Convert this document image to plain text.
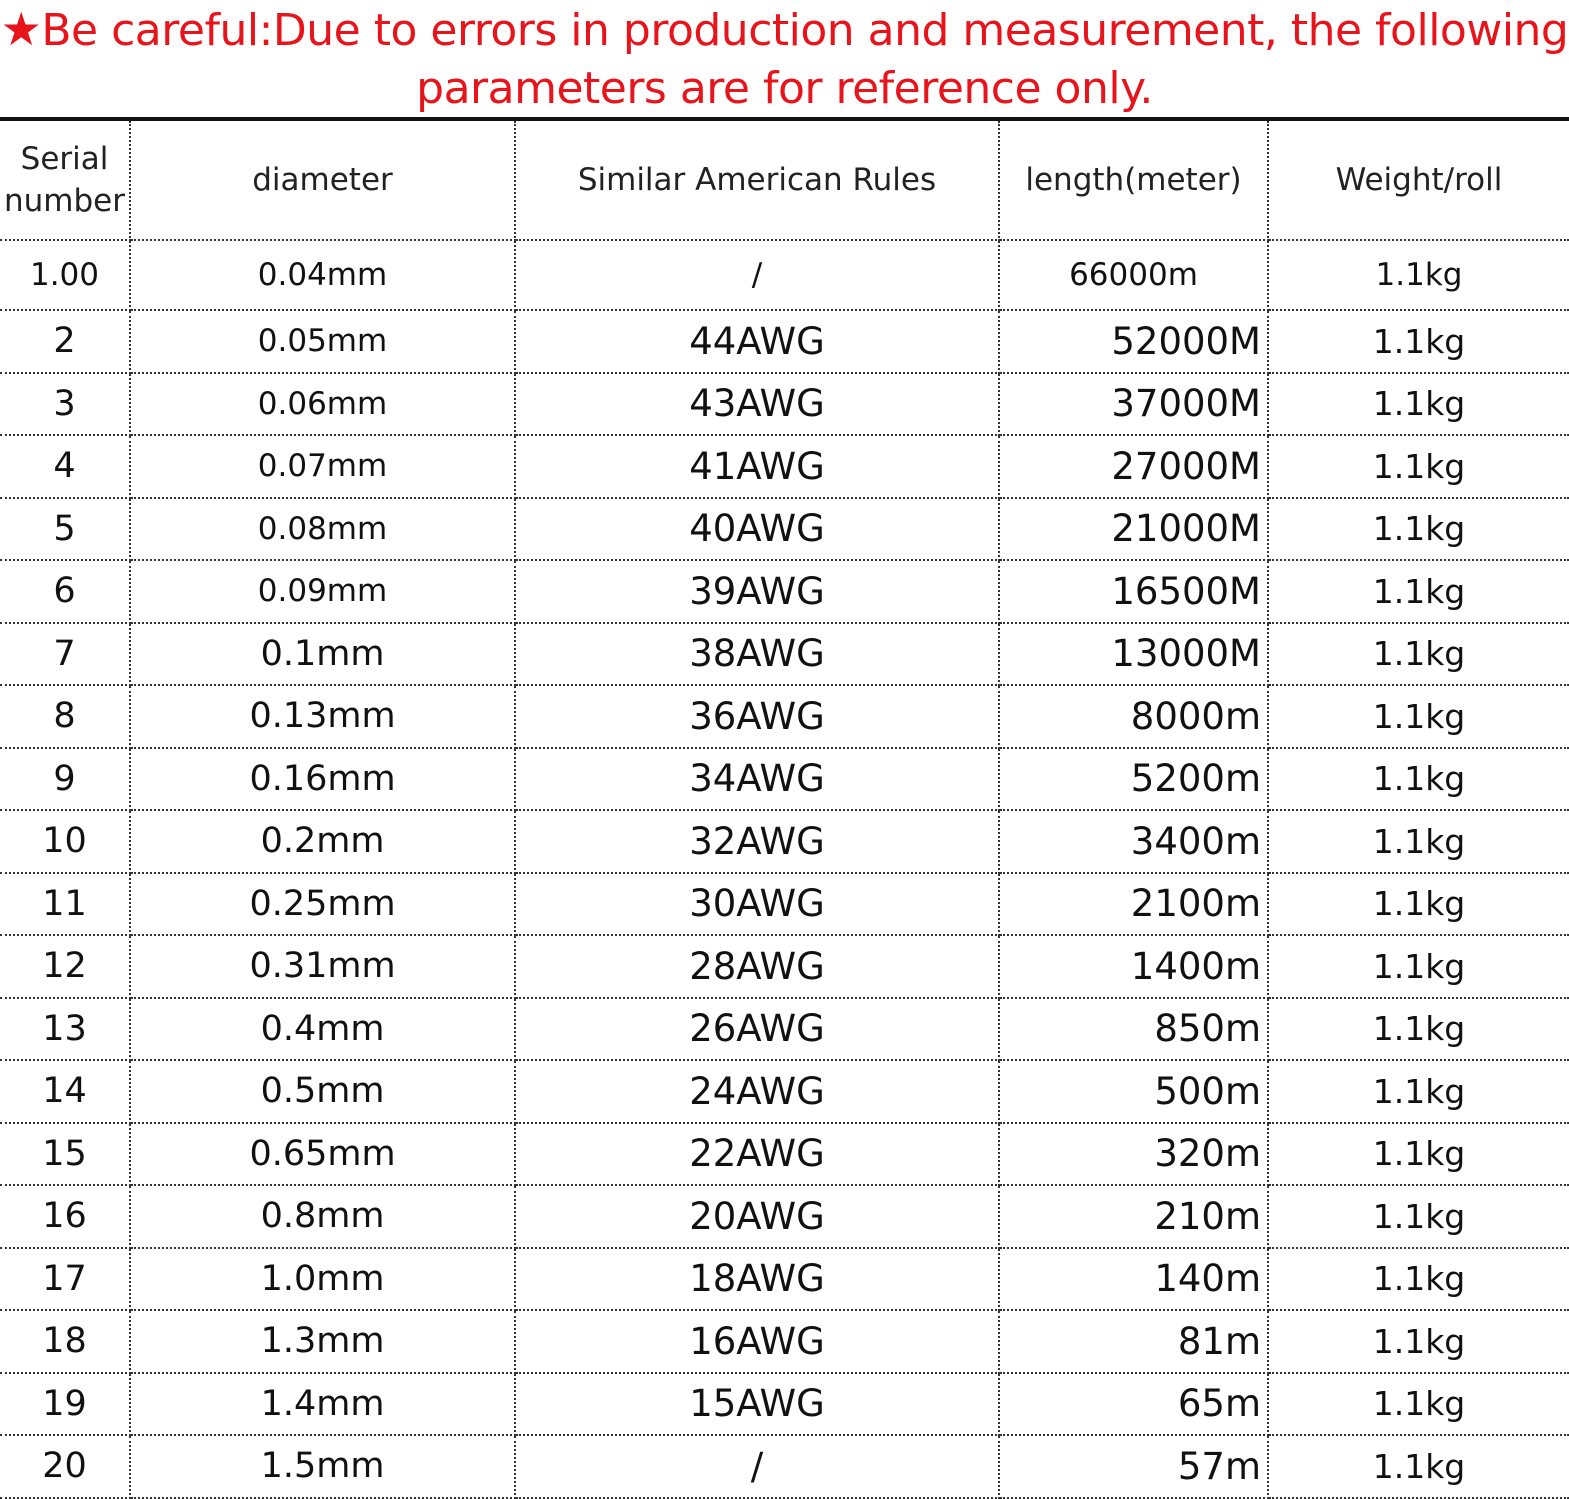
★Be careful:Due to errors in production and measurement, the following
parameters are for reference only.
Serial number	diameter	Similar American Rules	length(meter)	Weight/roll
1.00	0.04mm	/	66000m	1.1kg
2	0.05mm	44AWG	52000M	1.1kg
3	0.06mm	43AWG	37000M	1.1kg
4	0.07mm	41AWG	27000M	1.1kg
5	0.08mm	40AWG	21000M	1.1kg
6	0.09mm	39AWG	16500M	1.1kg
7	0.1mm	38AWG	13000M	1.1kg
8	0.13mm	36AWG	8000m	1.1kg
9	0.16mm	34AWG	5200m	1.1kg
10	0.2mm	32AWG	3400m	1.1kg
11	0.25mm	30AWG	2100m	1.1kg
12	0.31mm	28AWG	1400m	1.1kg
13	0.4mm	26AWG	850m	1.1kg
14	0.5mm	24AWG	500m	1.1kg
15	0.65mm	22AWG	320m	1.1kg
16	0.8mm	20AWG	210m	1.1kg
17	1.0mm	18AWG	140m	1.1kg
18	1.3mm	16AWG	81m	1.1kg
19	1.4mm	15AWG	65m	1.1kg
20	1.5mm	/	57m	1.1kg
